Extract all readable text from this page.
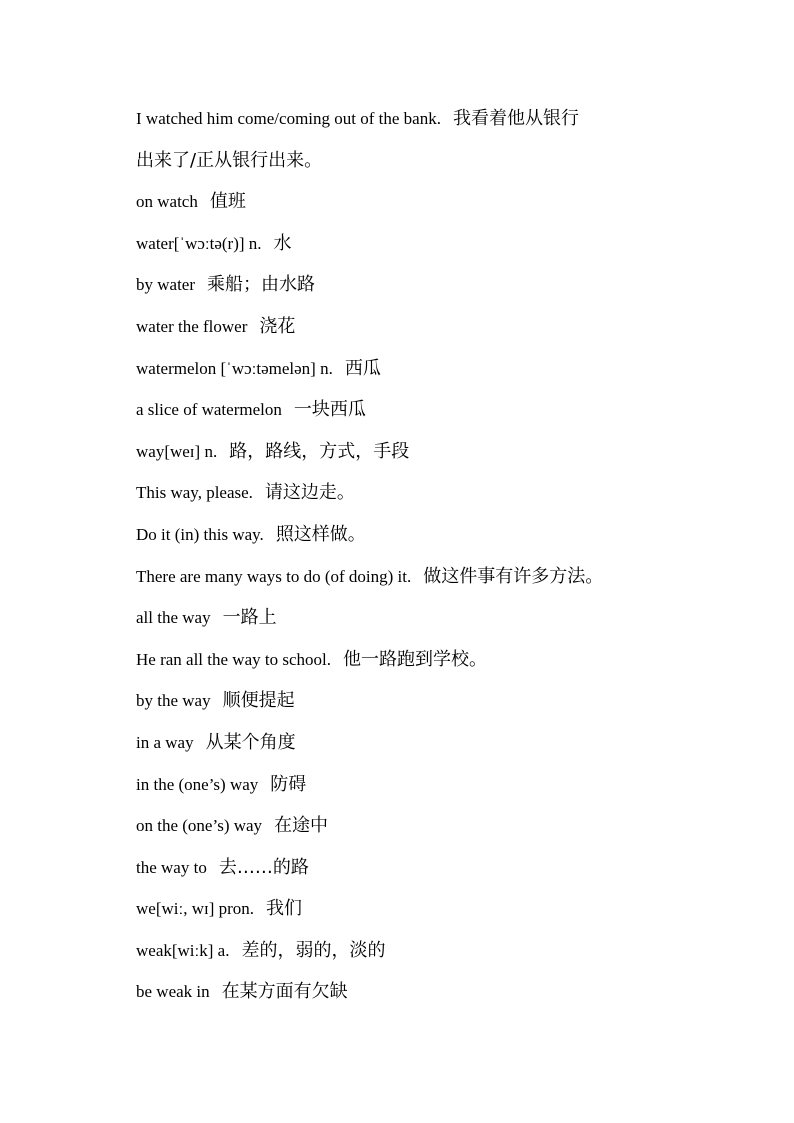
I watched him come/coming out of the bank. 我看着他从银行
出来了/正从银行出来。
on watch 值班
water[ˈwɔːtə(r)] n. 水
by water 乘船；由水路
water the flower 浇花
watermelon [ˈwɔːtəmelən] n. 西瓜
a slice of watermelon 一块西瓜
way[weɪ] n. 路，路线，方式，手段
This way, please. 请这边走。
Do it (in) this way. 照这样做。
There are many ways to do (of doing) it. 做这件事有许多方法。
all the way 一路上
He ran all the way to school. 他一路跑到学校。
by the way 顺便提起
in a way 从某个角度
in the (one’s) way 防碍
on the (one’s) way 在途中
the way to 去……的路
we[wiː, wɪ] pron. 我们
weak[wiːk] a. 差的，弱的，淡的
be weak in 在某方面有欠缺
